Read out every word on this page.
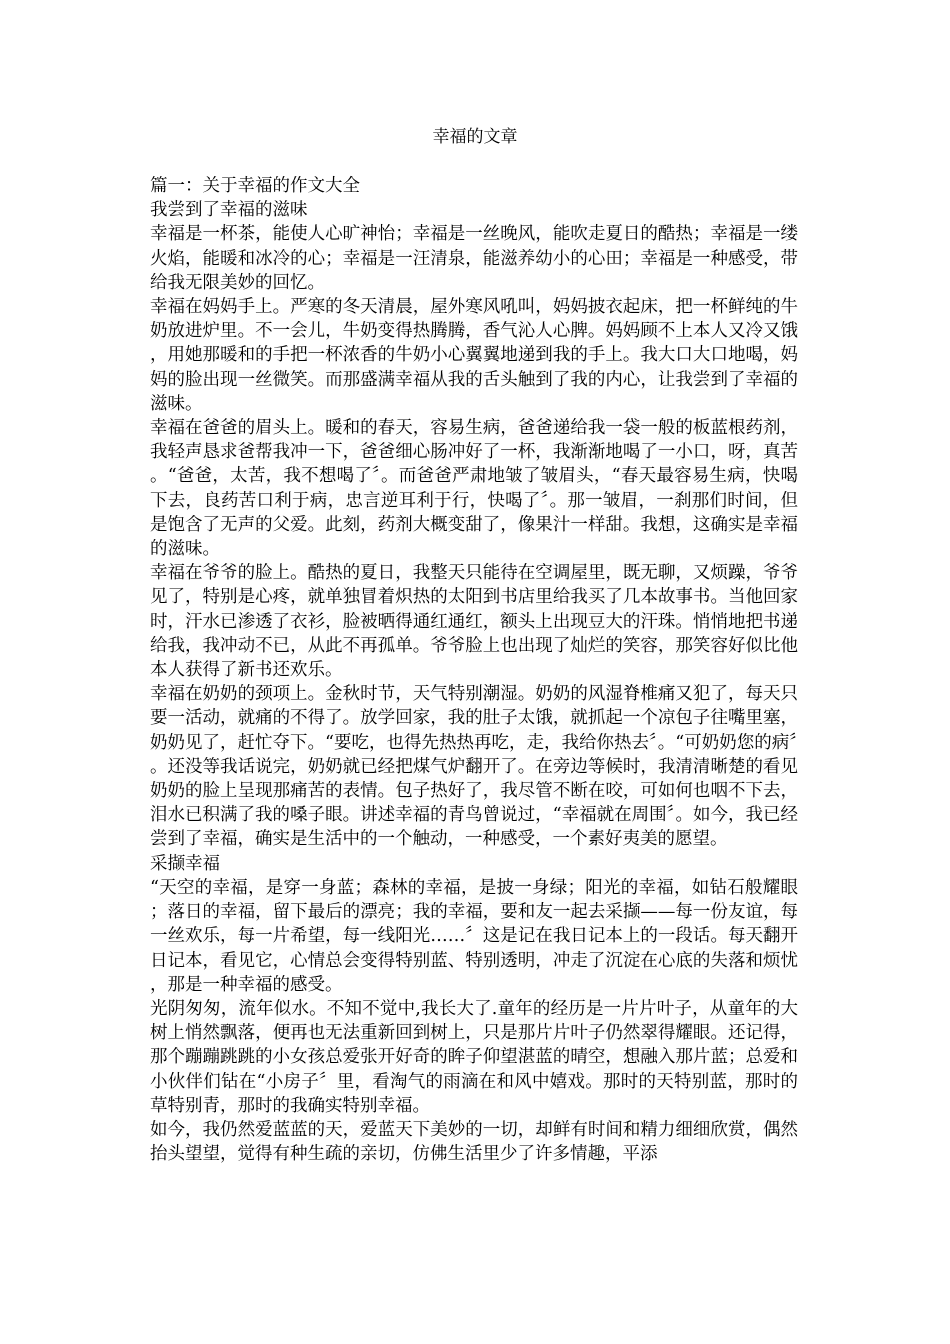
幸福的文章

篇一：关于幸福的作文大全

我尝到了幸福的滋味

幸福是一杯茶，能使人心旷神怡；幸福是一丝晚风，能吹走夏日的酷热；幸福是一缕火焰，能暖和冰冷的心；幸福是一汪清泉，能滋养幼小的心田；幸福是一种感受，带给我无限美妙的回忆。

幸福在妈妈手上。严寒的冬天清晨，屋外寒风吼叫，妈妈披衣起床，把一杯鲜纯的牛奶放进炉里。不一会儿，牛奶变得热腾腾，香气沁人心脾。妈妈顾不上本人又冷又饿，用她那暖和的手把一杯浓香的牛奶小心翼翼地递到我的手上。我大口大口地喝，妈妈的脸出现一丝微笑。而那盛满幸福从我的舌头触到了我的内心，让我尝到了幸福的滋味。

幸福在爸爸的眉头上。暖和的春天，容易生病，爸爸递给我一袋一般的板蓝根药剂，我轻声恳求爸帮我冲一下，爸爸细心肠冲好了一杯，我渐渐地喝了一小口，呀，真苦。“爸爸，太苦，我不想喝了〞。而爸爸严肃地皱了皱眉头，“春天最容易生病，快喝下去，良药苦口利于病，忠言逆耳利于行，快喝了〞。那一皱眉，一刹那们时间，但是饱含了无声的父爱。此刻，药剂大概变甜了，像果汁一样甜。我想，这确实是幸福的滋味。

幸福在爷爷的脸上。酷热的夏日，我整天只能待在空调屋里，既无聊，又烦躁，爷爷见了，特别是心疼，就单独冒着炽热的太阳到书店里给我买了几本故事书。当他回家时，汗水已渗透了衣衫，脸被晒得通红通红，额头上出现豆大的汗珠。悄悄地把书递给我，我冲动不已，从此不再孤单。爷爷脸上也出现了灿烂的笑容，那笑容好似比他本人获得了新书还欢乐。

幸福在奶奶的颈项上。金秋时节，天气特别潮湿。奶奶的风湿脊椎痛又犯了，每天只要一活动，就痛的不得了。放学回家，我的肚子太饿，就抓起一个凉包子往嘴里塞，奶奶见了，赶忙夺下。“要吃，也得先热热再吃，走，我给你热去〞。“可奶奶您的病〞。还没等我话说完，奶奶就已经把煤气炉翻开了。在旁边等候时，我清清晰楚的看见奶奶的脸上呈现那痛苦的表情。包子热好了，我尽管不断在咬，可如何也咽不下去，泪水已积满了我的嗓子眼。讲述幸福的青鸟曾说过，“幸福就在周围〞。如今，我已经尝到了幸福，确实是生活中的一个触动，一种感受，一个素好夷美的愿望。

采撷幸福

“天空的幸福，是穿一身蓝；森林的幸福，是披一身绿；阳光的幸福，如钻石般耀眼；落日的幸福，留下最后的漂亮；我的幸福，要和友一起去采撷——每一份友谊，每一丝欢乐，每一片希望，每一线阳光……〞这是记在我日记本上的一段话。每天翻开日记本，看见它，心情总会变得特别蓝、特别透明，冲走了沉淀在心底的失落和烦忧，那是一种幸福的感受。

光阴匆匆，流年似水。不知不觉中,我长大了.童年的经历是一片片叶子，从童年的大树上悄然飘落，便再也无法重新回到树上，只是那片片叶子仍然翠得耀眼。还记得，那个蹦蹦跳跳的小女孩总爱张开好奇的眸子仰望湛蓝的晴空，想融入那片蓝；总爱和小伙伴们钻在“小房子〞里，看淘气的雨滴在和风中嬉戏。那时的天特别蓝，那时的草特别青，那时的我确实特别幸福。

如今，我仍然爱蓝蓝的天，爱蓝天下美妙的一切，却鲜有时间和精力细细欣赏，偶然抬头望望，觉得有种生疏的亲切，仿佛生活里少了许多情趣，平添
